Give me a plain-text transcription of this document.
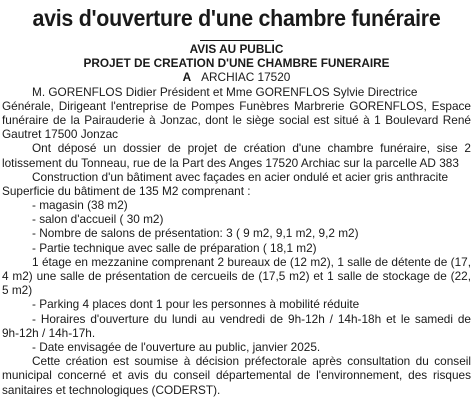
avis d'ouverture d'une chambre funéraire
AVIS AU PUBLIC
PROJET DE CREATION D'UNE CHAMBRE FUNERAIRE
A ARCHIAC 17520
M. GORENFLOS Didier Président et Mme GORENFLOS Sylvie Directrice
Générale, Dirigeant l'entreprise de Pompes Funèbres Marbrerie GORENFLOS, Espace
funéraire de la Pairauderie à Jonzac, dont le siège social est situé à 1 Boulevard René
Gautret 17500 Jonzac
Ont déposé un dossier de projet de création d'une chambre funéraire, sise 2
lotissement du Tonneau, rue de la Part des Anges 17520 Archiac sur la parcelle AD 383
Construction d'un bâtiment avec façades en acier ondulé et acier gris anthracite
Superficie du bâtiment de 135 M2 comprenant :
- magasin (38 m2)
- salon d'accueil ( 30 m2)
- Nombre de salons de présentation: 3 ( 9 m2, 9,1 m2, 9,2 m2)
- Partie technique avec salle de préparation ( 18,1 m2)
1 étage en mezzanine comprenant 2 bureaux de (12 m2), 1 salle de détente de (17,
4 m2) une salle de présentation de cercueils de (17,5 m2) et 1 salle de stockage de (22,
5 m2)
- Parking 4 places dont 1 pour les personnes à mobilité réduite
- Horaires d'ouverture du lundi au vendredi de 9h-12h / 14h-18h et le samedi de
9h-12h / 14h-17h.
- Date envisagée de l'ouverture au public, janvier 2025.
Cette création est soumise à décision préfectorale après consultation du conseil
municipal concerné et avis du conseil départemental de l'environnement, des risques
sanitaires et technologiques (CODERST).
